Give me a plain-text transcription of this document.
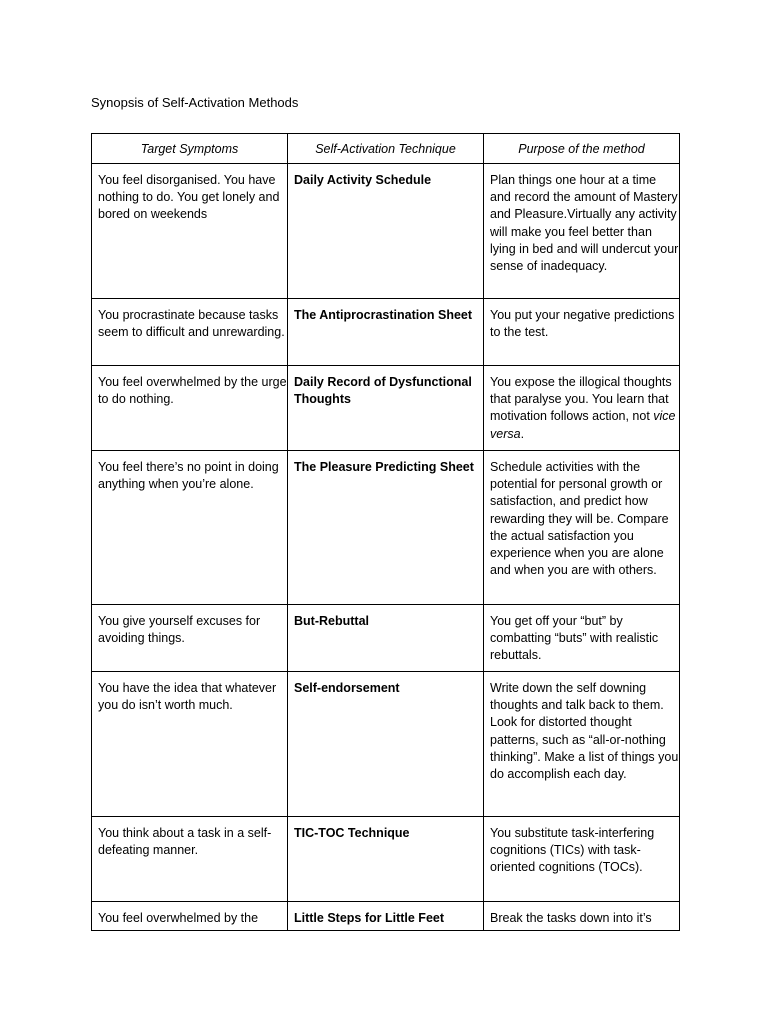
Synopsis of Self-Activation Methods

Target Symptoms	Self-Activation Technique	Purpose of the method
You feel disorganised. You have nothing to do. You get lonely and bored on weekends	Daily Activity Schedule	Plan things one hour at a time and record the amount of Mastery and Pleasure.Virtually any activity will make you feel better than lying in bed and will undercut your sense of inadequacy.
You procrastinate because tasks seem to difficult and unrewarding.	The Antiprocrastination Sheet	You put your negative predictions to the test.
You feel overwhelmed by the urge to do nothing.	Daily Record of Dysfunctional Thoughts	You expose the illogical thoughts that paralyse you. You learn that motivation follows action, not vice versa.
You feel there’s no point in doing anything when you’re alone.	The Pleasure Predicting Sheet	Schedule activities with the potential for personal growth or satisfaction, and predict how rewarding they will be. Compare the actual satisfaction you experience when you are alone and when you are with others.
You give yourself excuses for avoiding things.	But-Rebuttal	You get off your “but” by combatting “buts” with realistic rebuttals.
You have the idea that whatever you do isn’t worth much.	Self-endorsement	Write down the self downing thoughts and talk back to them. Look for distorted thought patterns, such as “all-or-nothing thinking”. Make a list of things you do accomplish each day.
You think about a task in a self-defeating manner.	TIC-TOC Technique	You substitute task-interfering cognitions (TICs) with task-oriented cognitions (TOCs).
You feel overwhelmed by the	Little Steps for Little Feet	Break the tasks down into it’s
